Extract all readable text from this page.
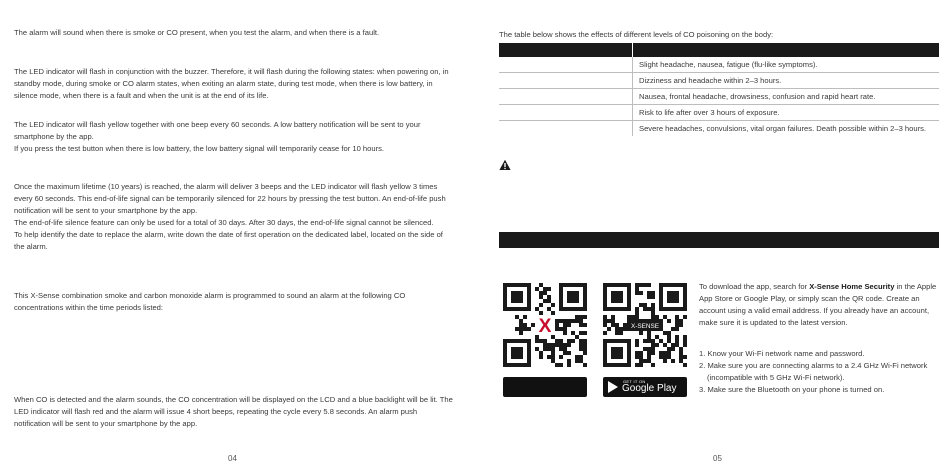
The alarm will sound when there is smoke or CO present, when you test the alarm, and when there is a fault.

The LED indicator will flash in conjunction with the buzzer. Therefore, it will flash during the following states: when powering on, in standby mode, during smoke or CO alarm states, when exiting an alarm state, during test mode, when there is low battery, in silence mode, when there is a fault and when the unit is at the end of its life.

The LED indicator will flash yellow together with one beep every 60 seconds. A low battery notification will be sent to your smartphone by the app.

If you press the test button when there is low battery, the low battery signal will temporarily cease for 10 hours.

Once the maximum lifetime (10 years) is reached, the alarm will deliver 3 beeps and the LED indicator will flash yellow 3 times every 60 seconds. This end-of-life signal can be temporarily silenced for 22 hours by pressing the test button. An end-of-life push notification will be sent to your smartphone by the app.

The end-of-life silence feature can only be used for a total of 30 days. After 30 days, the end-of-life signal cannot be silenced.

To help identify the date to replace the alarm, write down the date of first operation on the dedicated label, located on the side of the alarm.

This X-Sense combination smoke and carbon monoxide alarm is programmed to sound an alarm at the following CO concentrations within the time periods listed:

When CO is detected and the alarm sounds, the CO concentration will be displayed on the LCD and a blue backlight will be lit. The LED indicator will flash red and the alarm will issue 4 short beeps, repeating the cycle every 5.8 seconds. An alarm push notification will be sent to your smartphone by the app.

04
The table below shows the effects of different levels of CO poisoning on the body:

	Slight headache, nausea, fatigue (flu-like symptoms).
	Dizziness and headache within 2–3 hours.
	Nausea, frontal headache, drowsiness, confusion and rapid heart rate.
	Risk to life after over 3 hours of exposure.
	Severe headaches, convulsions, vital organ failures. Death possible within 2–3 hours.
X	X-SENSE
GET IT ON
Google Play
To download the app, search for X-Sense Home Security in the Apple App Store or Google Play, or simply scan the QR code. Create an account using a valid email address. If you already have an account, make sure it is updated to the latest version.
1. Know your Wi-Fi network name and password.
2. Make sure you are connecting alarms to a 2.4 GHz Wi-Fi network (incompatible with 5 GHz Wi-Fi network).
3. Make sure the Bluetooth on your phone is turned on.
05
